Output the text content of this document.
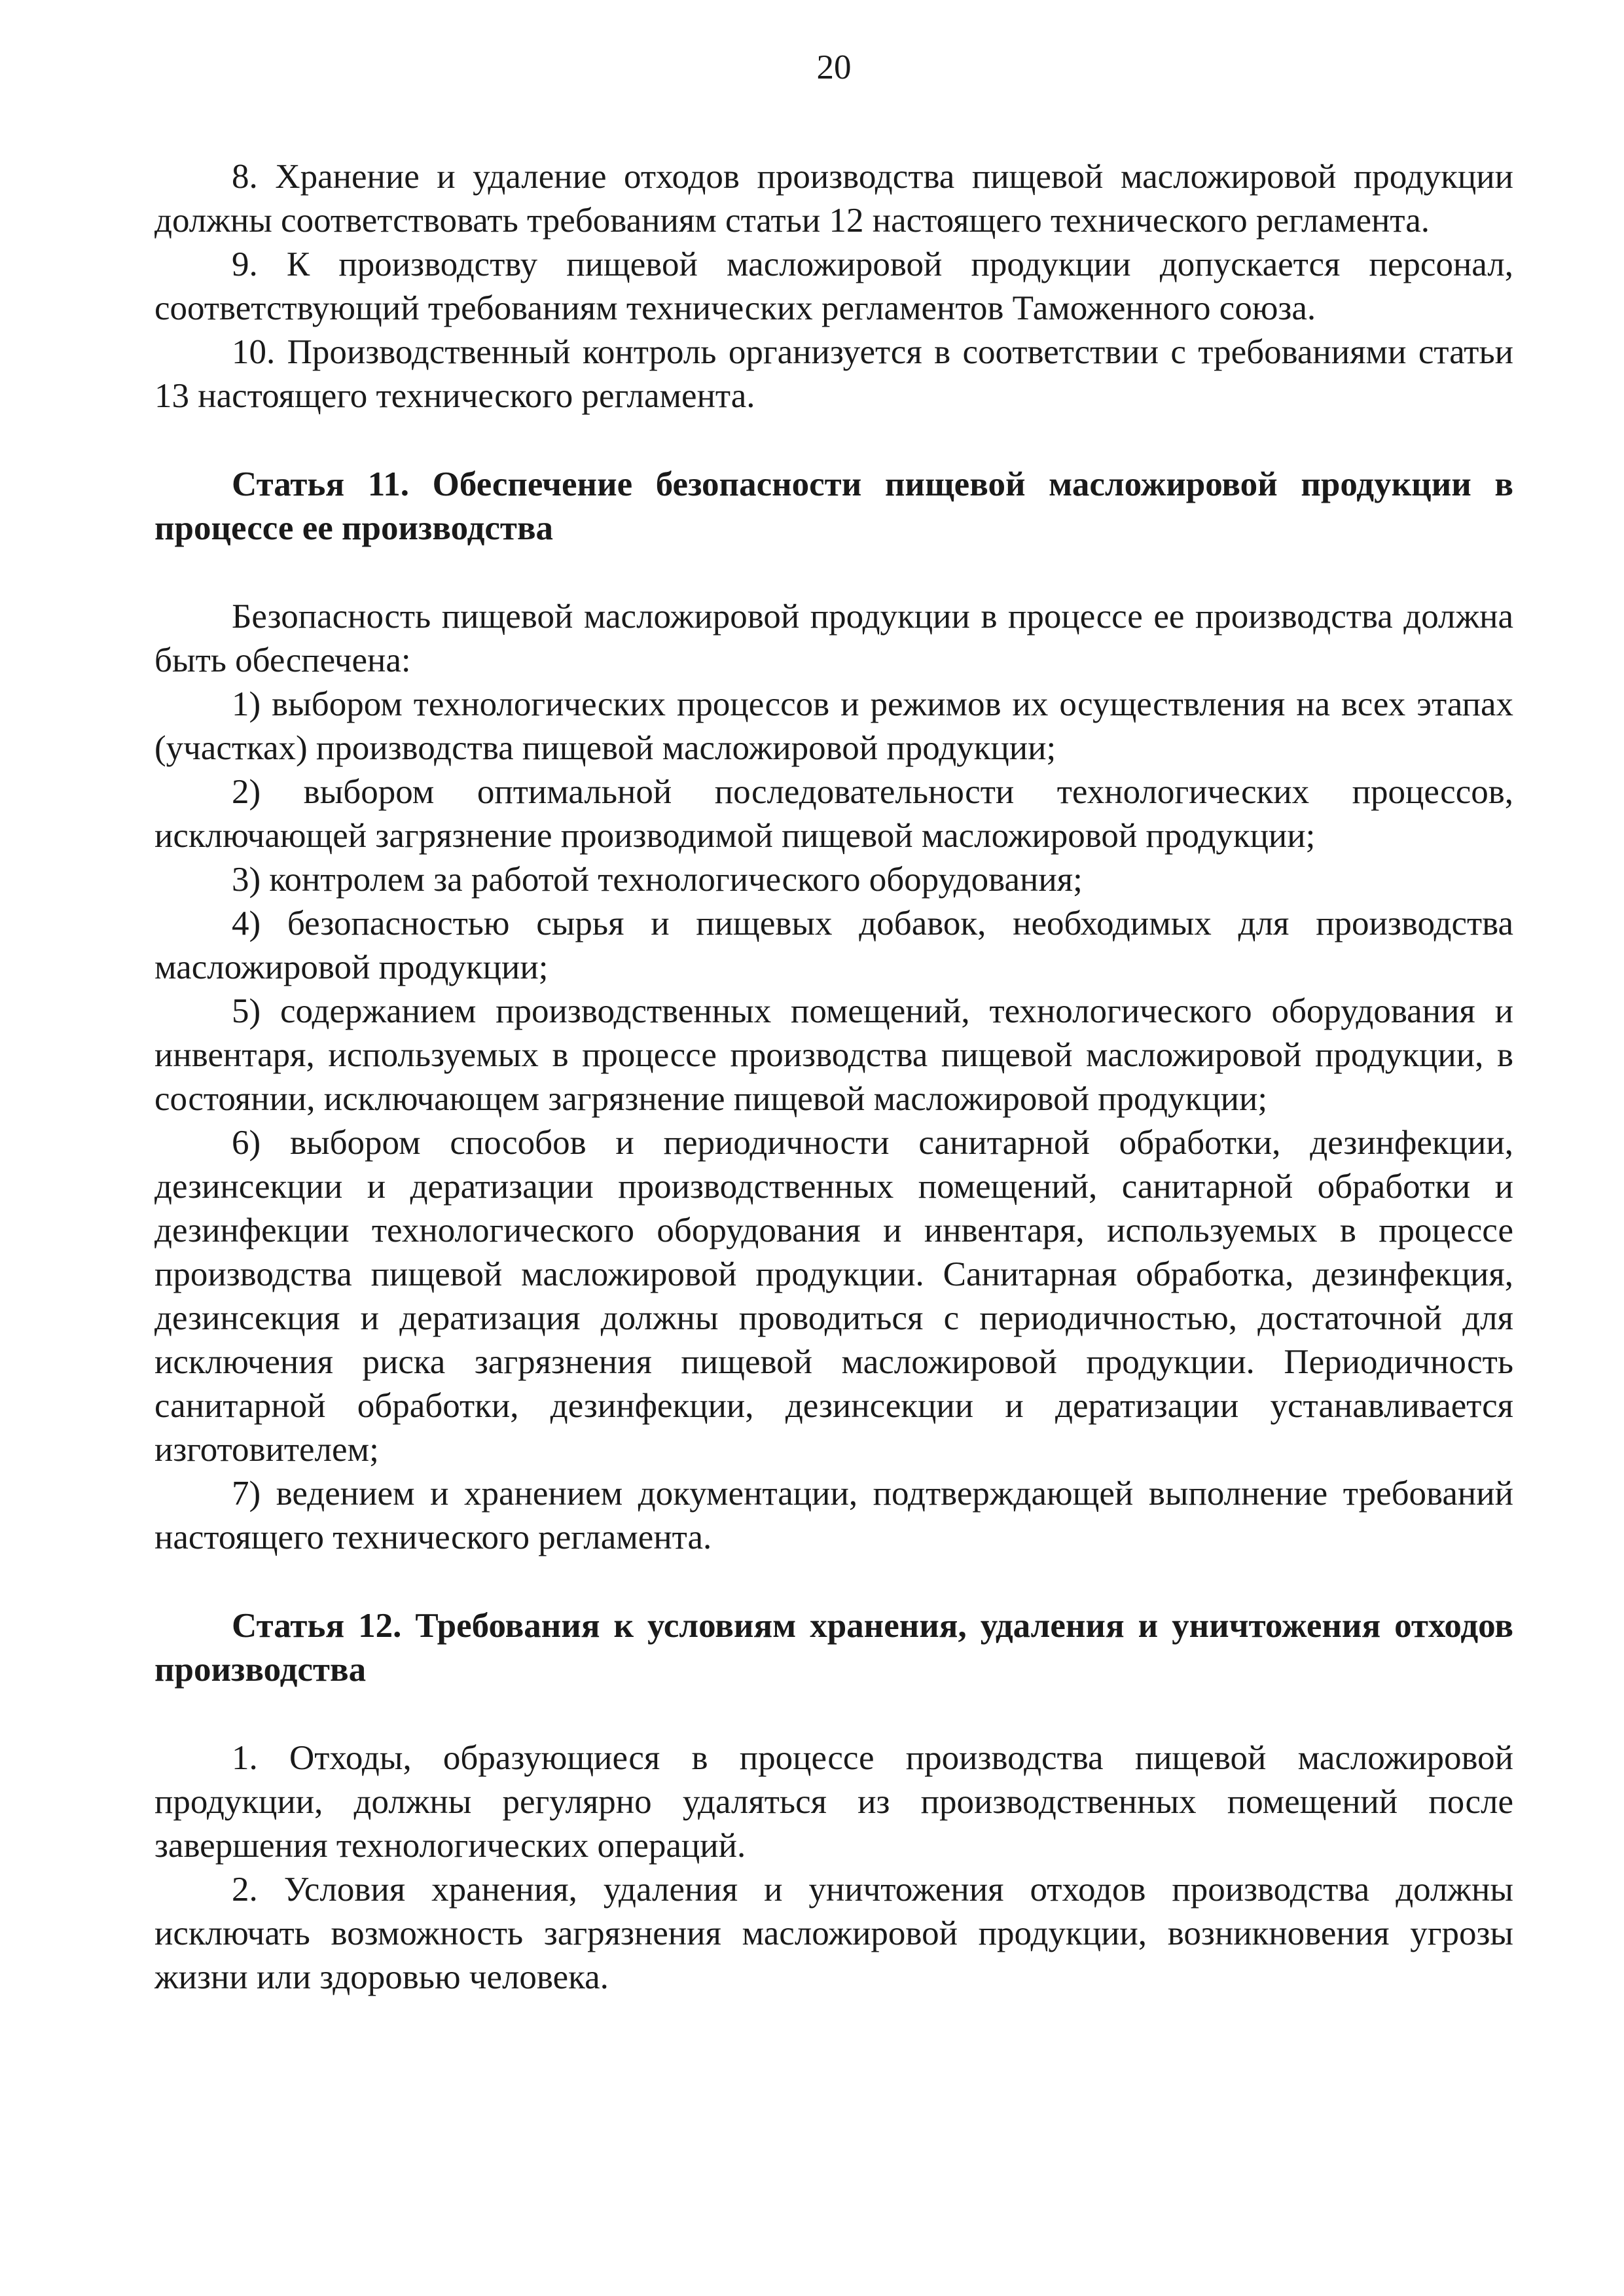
20

8. Хранение и удаление отходов производства пищевой масложировой продукции должны соответствовать требованиям статьи 12 настоящего технического регламента.

9. К производству пищевой масложировой продукции допускается персонал, соответствующий требованиям технических регламентов Таможенного союза.

10. Производственный контроль организуется в соответствии с требованиями статьи 13 настоящего технического регламента.

Статья 11. Обеспечение безопасности пищевой масложировой продукции в процессе ее производства

Безопасность пищевой масложировой продукции в процессе ее производства должна быть обеспечена:

1) выбором технологических процессов и режимов их осуществления на всех этапах (участках) производства пищевой масложировой продукции;

2) выбором оптимальной последовательности технологических процессов, исключающей загрязнение производимой пищевой масложировой продукции;

3) контролем за работой технологического оборудования;

4) безопасностью сырья и пищевых добавок, необходимых для производства масложировой продукции;

5) содержанием производственных помещений, технологического оборудования и инвентаря, используемых в процессе производства пищевой масложировой продукции, в состоянии, исключающем загрязнение пищевой масложировой продукции;

6) выбором способов и периодичности санитарной обработки, дезинфекции, дезинсекции и дератизации производственных помещений, санитарной обработки и дезинфекции технологического оборудования и инвентаря, используемых в процессе производства пищевой масложировой продукции. Санитарная обработка, дезинфекция, дезинсекция и дератизация должны проводиться с периодичностью, достаточной для исключения риска загрязнения пищевой масложировой продукции. Периодичность санитарной обработки, дезинфекции, дезинсекции и дератизации устанавливается изготовителем;

7) ведением и хранением документации, подтверждающей выполнение требований настоящего технического регламента.

Статья 12. Требования к условиям хранения, удаления и уничтожения отходов производства

1. Отходы, образующиеся в процессе производства пищевой масложировой продукции, должны регулярно удаляться из производственных помещений после завершения технологических операций.

2. Условия хранения, удаления и уничтожения отходов производства должны исключать возможность загрязнения масложировой продукции, возникновения угрозы жизни или здоровью человека.
